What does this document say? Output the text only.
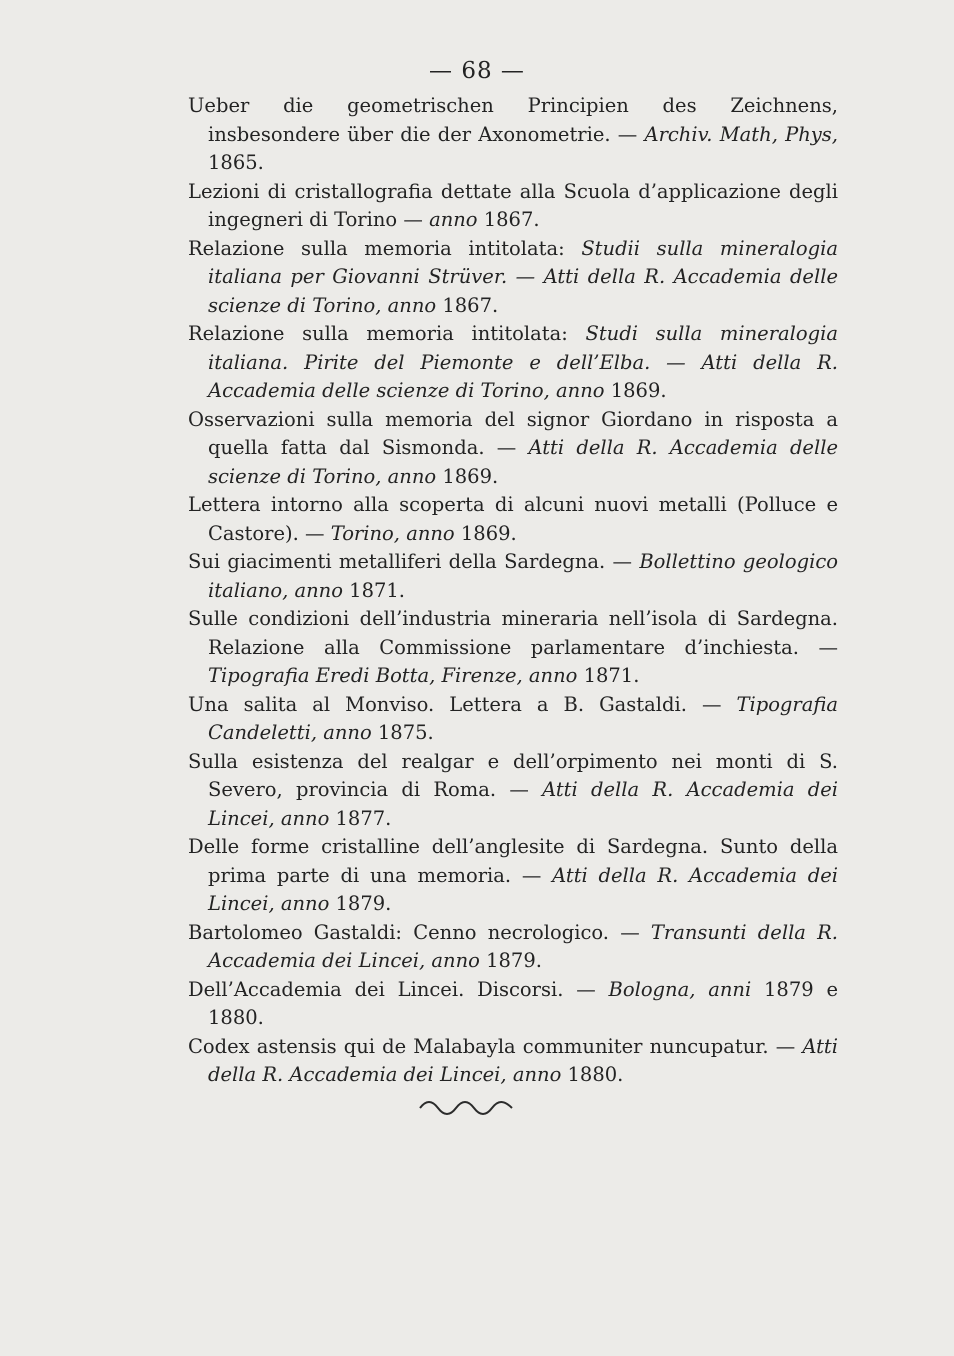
— 68 —
Ueber die geometrischen Principien des Zeichnens, insbesondere über die der Axonometrie. — Archiv. Math, Phys, 1865.
Lezioni di cristallografia dettate alla Scuola d’applicazione degli ingegneri di Torino — anno 1867.
Relazione sulla memoria intitolata: Studii sulla mineralogia italiana per Giovanni Strüver. — Atti della R. Accademia delle scienze di Torino, anno 1867.
Relazione sulla memoria intitolata: Studi sulla mineralogia italiana. Pirite del Piemonte e dell’Elba. — Atti della R. Accademia delle scienze di Torino, anno 1869.
Osservazioni sulla memoria del signor Giordano in risposta a quella fatta dal Sismonda. — Atti della R. Accademia delle scienze di Torino, anno 1869.
Lettera intorno alla scoperta di alcuni nuovi metalli (Polluce e Castore). — Torino, anno 1869.
Sui giacimenti metalliferi della Sardegna. — Bollettino geologico italiano, anno 1871.
Sulle condizioni dell’industria mineraria nell’isola di Sardegna. Relazione alla Commissione parlamentare d’inchiesta. — Tipografia Eredi Botta, Firenze, anno 1871.
Una salita al Monviso. Lettera a B. Gastaldi. — Tipografia Candeletti, anno 1875.
Sulla esistenza del realgar e dell’orpimento nei monti di S. Severo, provincia di Roma. — Atti della R. Accademia dei Lincei, anno 1877.
Delle forme cristalline dell’anglesite di Sardegna. Sunto della prima parte di una memoria. — Atti della R. Accademia dei Lincei, anno 1879.
Bartolomeo Gastaldi: Cenno necrologico. — Transunti della R. Accademia dei Lincei, anno 1879.
Dell’Accademia dei Lincei. Discorsi. — Bologna, anni 1879 e 1880.
Codex astensis qui de Malabayla communiter nuncupatur. — Atti della R. Accademia dei Lincei, anno 1880.
